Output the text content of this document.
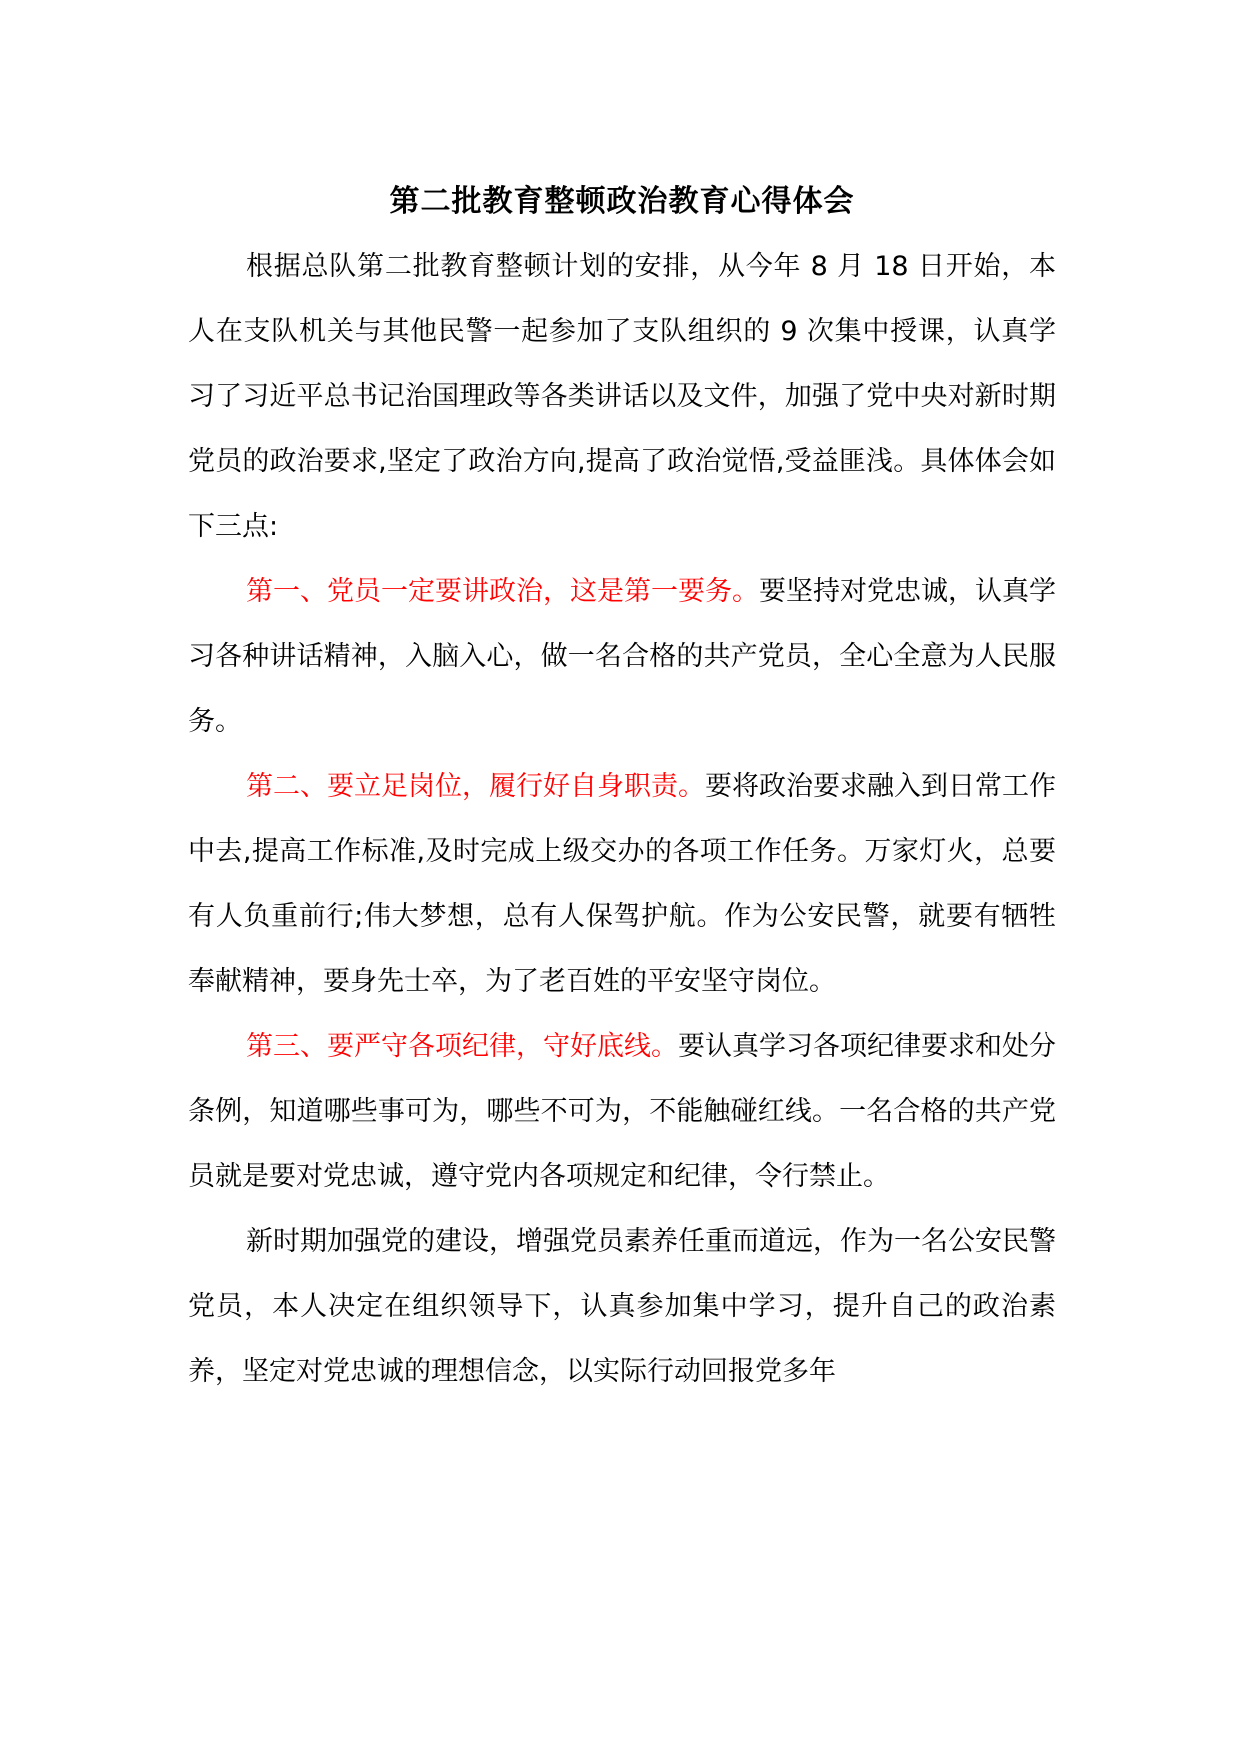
第二批教育整顿政治教育心得体会

根据总队第二批教育整顿计划的安排，从今年 8 月 18 日开始，本人在支队机关与其他民警一起参加了支队组织的 9 次集中授课，认真学习了习近平总书记治国理政等各类讲话以及文件，加强了党中央对新时期党员的政治要求,坚定了政治方向,提高了政治觉悟,受益匪浅。具体体会如下三点:

第一、党员一定要讲政治，这是第一要务。要坚持对党忠诚，认真学习各种讲话精神，入脑入心，做一名合格的共产党员，全心全意为人民服务。

第二、要立足岗位，履行好自身职责。要将政治要求融入到日常工作中去,提高工作标准,及时完成上级交办的各项工作任务。万家灯火，总要有人负重前行;伟大梦想，总有人保驾护航。作为公安民警，就要有牺牲奉献精神，要身先士卒，为了老百姓的平安坚守岗位。

第三、要严守各项纪律，守好底线。要认真学习各项纪律要求和处分条例，知道哪些事可为，哪些不可为，不能触碰红线。一名合格的共产党员就是要对党忠诚，遵守党内各项规定和纪律，令行禁止。

新时期加强党的建设，增强党员素养任重而道远，作为一名公安民警党员，本人决定在组织领导下，认真参加集中学习，提升自己的政治素养，坚定对党忠诚的理想信念，以实际行动回报党多年
